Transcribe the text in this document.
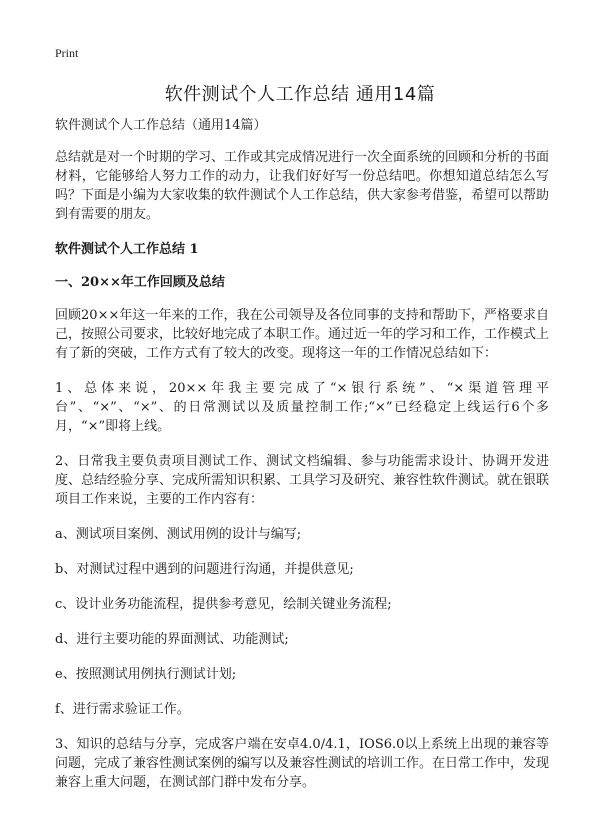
Print
软件测试个人工作总结 通用14篇

软件测试个人工作总结（通用14篇）

总结就是对一个时期的学习、工作或其完成情况进行一次全面系统的回顾和分析的书面材料，它能够给人努力工作的动力，让我们好好写一份总结吧。你想知道总结怎么写吗？下面是小编为大家收集的软件测试个人工作总结，供大家参考借鉴，希望可以帮助到有需要的朋友。

软件测试个人工作总结 1

一、20××年工作回顾及总结

回顾20××年这一年来的工作，我在公司领导及各位同事的支持和帮助下，严格要求自己，按照公司要求，比较好地完成了本职工作。通过近一年的学习和工作，工作模式上有了新的突破，工作方式有了较大的改变。现将这一年的工作情况总结如下：

1、总体来说，20××年我主要完成了“×银行系统”、“×渠道管理平台”、“×”、“×”、的日常测试以及质量控制工作;“×”已经稳定上线运行6个多月，“×”即将上线。

2、日常我主要负责项目测试工作、测试文档编辑、参与功能需求设计、协调开发进度、总结经验分享、完成所需知识积累、工具学习及研究、兼容性软件测试。就在银联项目工作来说，主要的工作内容有：

a、测试项目案例、测试用例的设计与编写;

b、对测试过程中遇到的问题进行沟通，并提供意见;

c、设计业务功能流程，提供参考意见，绘制关键业务流程;

d、进行主要功能的界面测试、功能测试;

e、按照测试用例执行测试计划;

f、进行需求验证工作。

3、知识的总结与分享，完成客户端在安卓4.0/4.1，IOS6.0以上系统上出现的兼容等问题，完成了兼容性测试案例的编写以及兼容性测试的培训工作。在日常工作中，发现兼容上重大问题，在测试部门群中发布分享。
